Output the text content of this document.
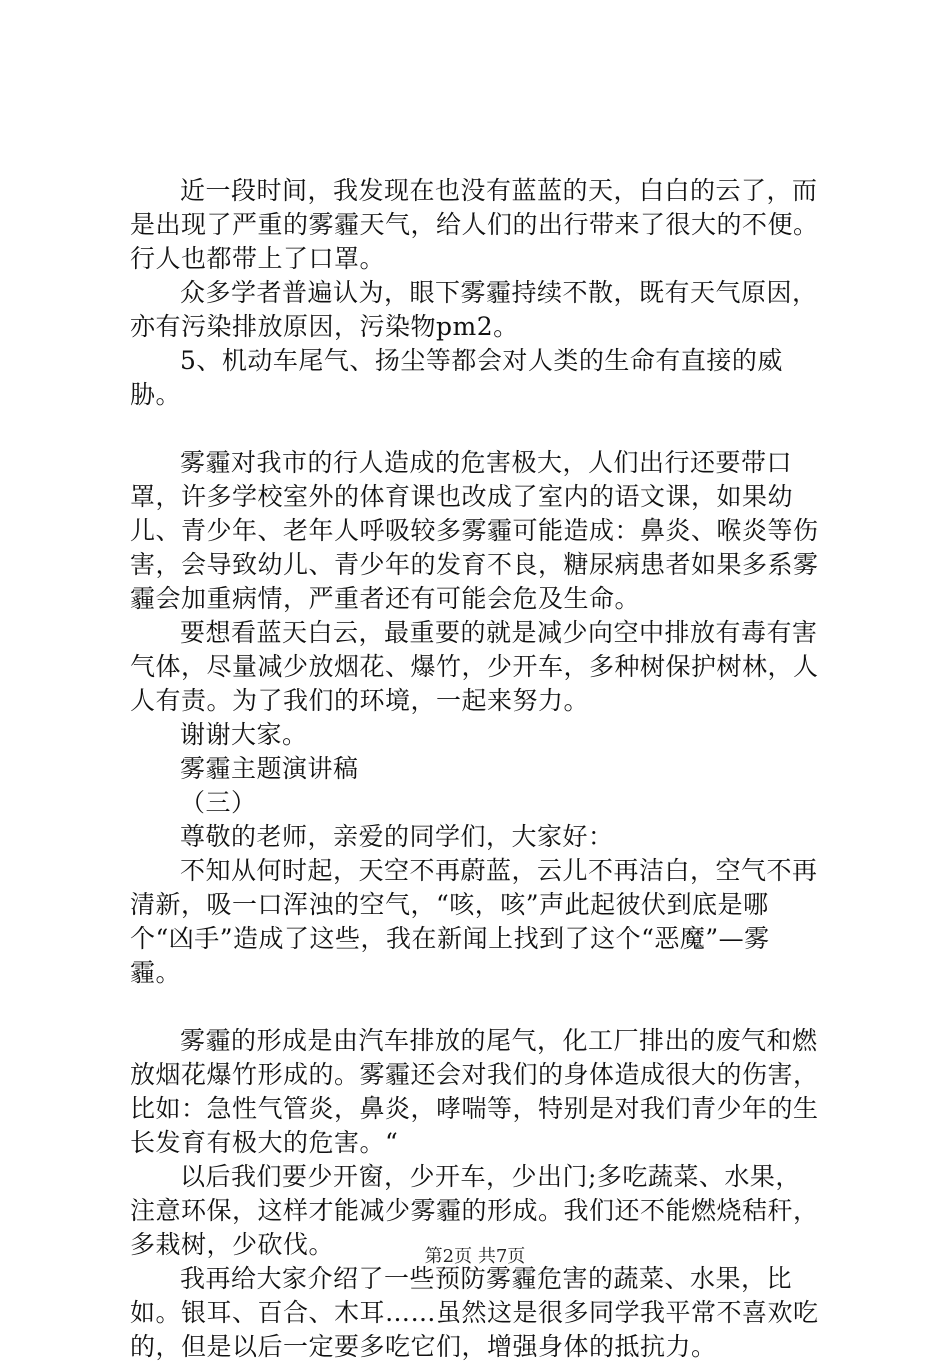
近一段时间，我发现在也没有蓝蓝的天，白白的云了，而是出现了严重的雾霾天气，给人们的出行带来了很大的不便。行人也都带上了口罩。

众多学者普遍认为，眼下雾霾持续不散，既有天气原因，亦有污染排放原因，污染物pm2。

5、机动车尾气、扬尘等都会对人类的生命有直接的威胁。

雾霾对我市的行人造成的危害极大，人们出行还要带口罩，许多学校室外的体育课也改成了室内的语文课，如果幼儿、青少年、老年人呼吸较多雾霾可能造成：鼻炎、喉炎等伤害，会导致幼儿、青少年的发育不良，糖尿病患者如果多系雾霾会加重病情，严重者还有可能会危及生命。

要想看蓝天白云，最重要的就是减少向空中排放有毒有害气体，尽量减少放烟花、爆竹，少开车，多种树保护树林，人人有责。为了我们的环境，一起来努力。

谢谢大家。

雾霾主题演讲稿

（三）

尊敬的老师，亲爱的同学们，大家好：

不知从何时起，天空不再蔚蓝，云儿不再洁白，空气不再清新，吸一口浑浊的空气，“咳，咳”声此起彼伏到底是哪个“凶手”造成了这些，我在新闻上找到了这个“恶魔”—雾霾。

雾霾的形成是由汽车排放的尾气，化工厂排出的废气和燃放烟花爆竹形成的。雾霾还会对我们的身体造成很大的伤害，比如：急性气管炎，鼻炎，哮喘等，特别是对我们青少年的生长发育有极大的危害。“

以后我们要少开窗，少开车，少出门;多吃蔬菜、水果，注意环保，这样才能减少雾霾的形成。我们还不能燃烧秸秆，多栽树，少砍伐。

我再给大家介绍了一些预防雾霾危害的蔬菜、水果，比如。银耳、百合、木耳……虽然这是很多同学我平常不喜欢吃的，但是以后一定要多吃它们，增强身体的抵抗力。

第2页 共7页
